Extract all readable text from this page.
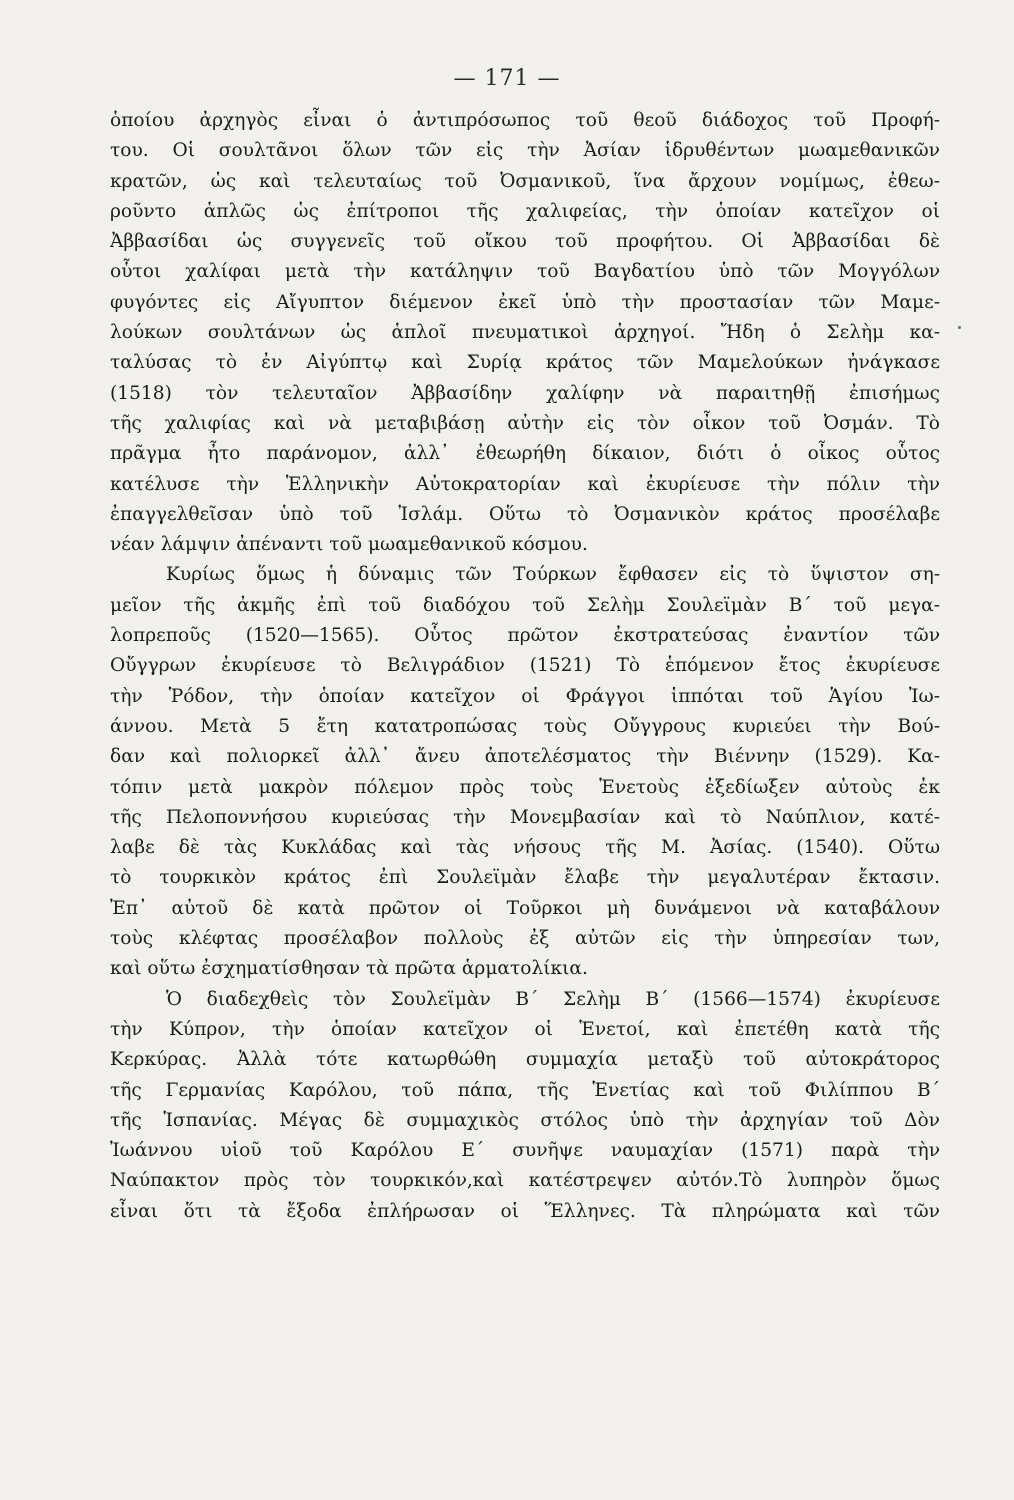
— 171 —
ὁποίου ἀρχηγὸς εἶναι ὁ ἀντιπρόσωπος τοῦ θεοῦ διάδοχος τοῦ Προφή-
του. Οἱ σουλτᾶνοι ὅλων τῶν εἰς τὴν Ἀσίαν ἱδρυθέντων μωαμεθανικῶν
κρατῶν, ὡς καὶ τελευταίως τοῦ Ὀσμανικοῦ, ἵνα ἄρχουν νομίμως, ἐθεω-
ροῦντο ἁπλῶς ὡς ἐπίτροποι τῆς χαλιφείας, τὴν ὁποίαν κατεῖχον οἱ
Ἀββασίδαι ὡς συγγενεῖς τοῦ οἴκου τοῦ προφήτου. Οἱ Ἀββασίδαι δὲ
οὗτοι χαλίφαι μετὰ τὴν κατάληψιν τοῦ Βαγδατίου ὑπὸ τῶν Μογγόλων
φυγόντες εἰς Αἴγυπτον διέμενον ἐκεῖ ὑπὸ τὴν προστασίαν τῶν Μαμε-
λούκων σουλτάνων ὡς ἁπλοῖ πνευματικοὶ ἀρχηγοί. Ἤδη ὁ Σελὴμ κα-
ταλύσας τὸ ἐν Αἰγύπτῳ καὶ Συρίᾳ κράτος τῶν Μαμελούκων ἠνάγκασε
(1518) τὸν τελευταῖον Ἀββασίδην χαλίφην νὰ παραιτηθῇ ἐπισήμως
τῆς χαλιφίας καὶ νὰ μεταβιβάσῃ αὐτὴν εἰς τὸν οἶκον τοῦ Ὀσμάν. Τὸ
πρᾶγμα ἦτο παράνομον, ἀλλ᾽ ἐθεωρήθη δίκαιον, διότι ὁ οἶκος οὗτος
κατέλυσε τὴν Ἑλληνικὴν Αὐτοκρατορίαν καὶ ἐκυρίευσε τὴν πόλιν τὴν
ἐπαγγελθεῖσαν ὑπὸ τοῦ Ἰσλάμ. Οὕτω τὸ Ὀσμανικὸν κράτος προσέλαβε
νέαν λάμψιν ἀπέναντι τοῦ μωαμεθανικοῦ κόσμου.
Κυρίως ὅμως ἡ δύναμις τῶν Τούρκων ἔφθασεν εἰς τὸ ὕψιστον ση-
μεῖον τῆς ἀκμῆς ἐπὶ τοῦ διαδόχου τοῦ Σελὴμ Σουλεϊμὰν Β´ τοῦ μεγα-
λοπρεποῦς (1520—1565). Οὗτος πρῶτον ἐκστρατεύσας ἐναντίον τῶν
Οὔγγρων ἐκυρίευσε τὸ Βελιγράδιον (1521) Τὸ ἑπόμενον ἔτος ἐκυρίευσε
τὴν Ῥόδον, τὴν ὁποίαν κατεῖχον οἱ Φράγγοι ἱππόται τοῦ Ἁγίου Ἰω-
άννου. Μετὰ 5 ἔτη κατατροπώσας τοὺς Οὔγγρους κυριεύει τὴν Βού-
δαν καὶ πολιορκεῖ ἀλλ᾽ ἄνευ ἀποτελέσματος τὴν Βιέννην (1529). Κα-
τόπιν μετὰ μακρὸν πόλεμον πρὸς τοὺς Ἑνετοὺς ἐξεδίωξεν αὐτοὺς ἐκ
τῆς Πελοποννήσου κυριεύσας τὴν Μονεμβασίαν καὶ τὸ Ναύπλιον, κατέ-
λαβε δὲ τὰς Κυκλάδας καὶ τὰς νήσους τῆς Μ. Ἀσίας. (1540). Οὕτω
τὸ τουρκικὸν κράτος ἐπὶ Σουλεϊμὰν ἔλαβε τὴν μεγαλυτέραν ἔκτασιν.
Ἐπ᾽ αὐτοῦ δὲ κατὰ πρῶτον οἱ Τοῦρκοι μὴ δυνάμενοι νὰ καταβάλουν
τοὺς κλέφτας προσέλαβον πολλοὺς ἐξ αὐτῶν εἰς τὴν ὑπηρεσίαν των,
καὶ οὕτω ἐσχηματίσθησαν τὰ πρῶτα ἁρματολίκια.
Ὁ διαδεχθεὶς τὸν Σουλεϊμὰν Β´ Σελὴμ Β´ (1566—1574) ἐκυρίευσε
τὴν Κύπρον, τὴν ὁποίαν κατεῖχον οἱ Ἑνετοί, καὶ ἐπετέθη κατὰ τῆς
Κερκύρας. Ἀλλὰ τότε κατωρθώθη συμμαχία μεταξὺ τοῦ αὐτοκράτορος
τῆς Γερμανίας Καρόλου, τοῦ πάπα, τῆς Ἑνετίας καὶ τοῦ Φιλίππου Β´
τῆς Ἱσπανίας. Μέγας δὲ συμμαχικὸς στόλος ὑπὸ τὴν ἀρχηγίαν τοῦ Δὸν
Ἰωάννου υἱοῦ τοῦ Καρόλου Ε´ συνῆψε ναυμαχίαν (1571) παρὰ τὴν
Ναύπακτον πρὸς τὸν τουρκικόν,καὶ κατέστρεψεν αὐτόν.Τὸ λυπηρὸν ὅμως
εἶναι ὅτι τὰ ἔξοδα ἐπλήρωσαν οἱ Ἕλληνες. Τὰ πληρώματα καὶ τῶν
